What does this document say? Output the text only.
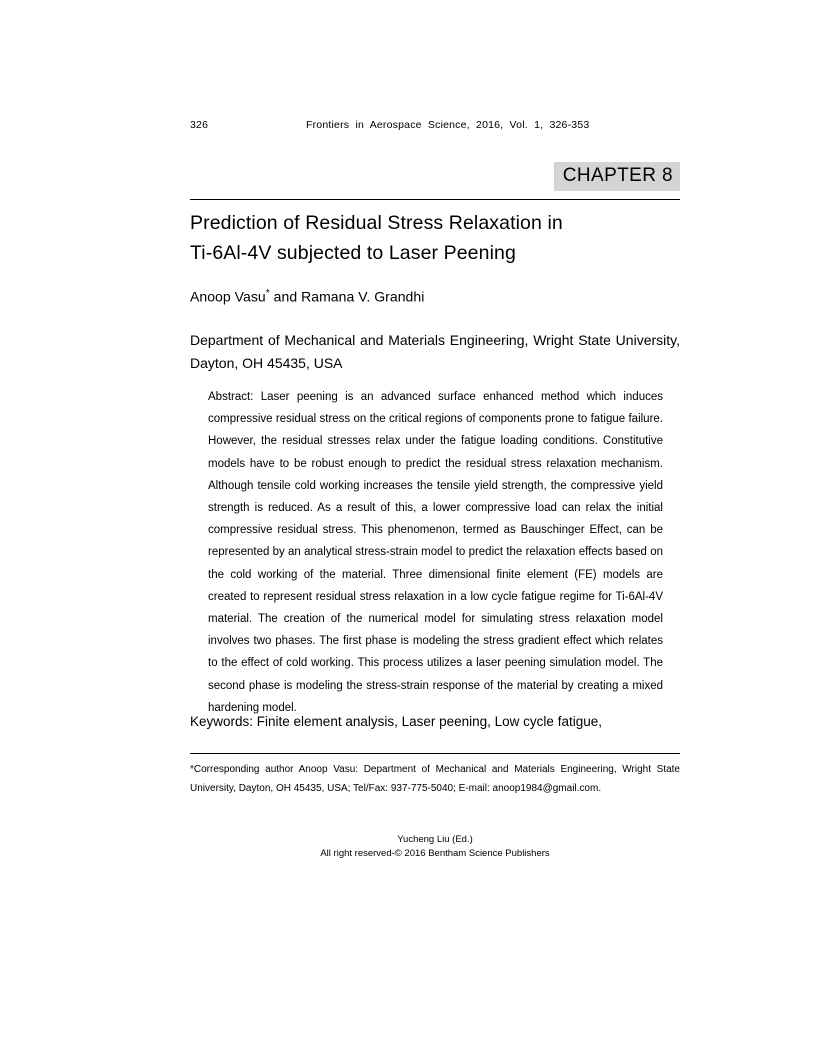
326	Frontiers  in  Aerospace  Science,  2016,  Vol.  1,  326-353
CHAPTER 8
Prediction of Residual Stress Relaxation in
Ti-6Al-4V subjected to Laser Peening
Anoop Vasu* and Ramana V. Grandhi
Department of Mechanical and Materials Engineering, Wright State University, Dayton, OH 45435, USA
Abstract: Laser peening is an advanced surface enhanced method which induces compressive residual stress on the critical regions of components prone to fatigue failure. However, the residual stresses relax under the fatigue loading conditions. Constitutive models have to be robust enough to predict the residual stress relaxation mechanism. Although tensile cold working increases the tensile yield strength, the compressive yield strength is reduced. As a result of this, a lower compressive load can relax the initial compressive residual stress. This phenomenon, termed as Bauschinger Effect, can be represented by an analytical stress-strain model to predict the relaxation effects based on the cold working of the material. Three dimensional finite element (FE) models are created to represent residual stress relaxation in a low cycle fatigue regime for Ti-6Al-4V material. The creation of the numerical model for simulating stress relaxation model involves two phases. The first phase is modeling the stress gradient effect which relates to the effect of cold working. This process utilizes a laser peening simulation model. The second phase is modeling the stress-strain response of the material by creating a mixed hardening model.
Keywords: Finite element analysis, Laser peening, Low cycle fatigue,
*Corresponding author Anoop Vasu: Department of Mechanical and Materials Engineering, Wright State University, Dayton, OH 45435, USA; Tel/Fax: 937-775-5040; E-mail: anoop1984@gmail.com.
Yucheng Liu (Ed.)
All right reserved-© 2016 Bentham Science Publishers
